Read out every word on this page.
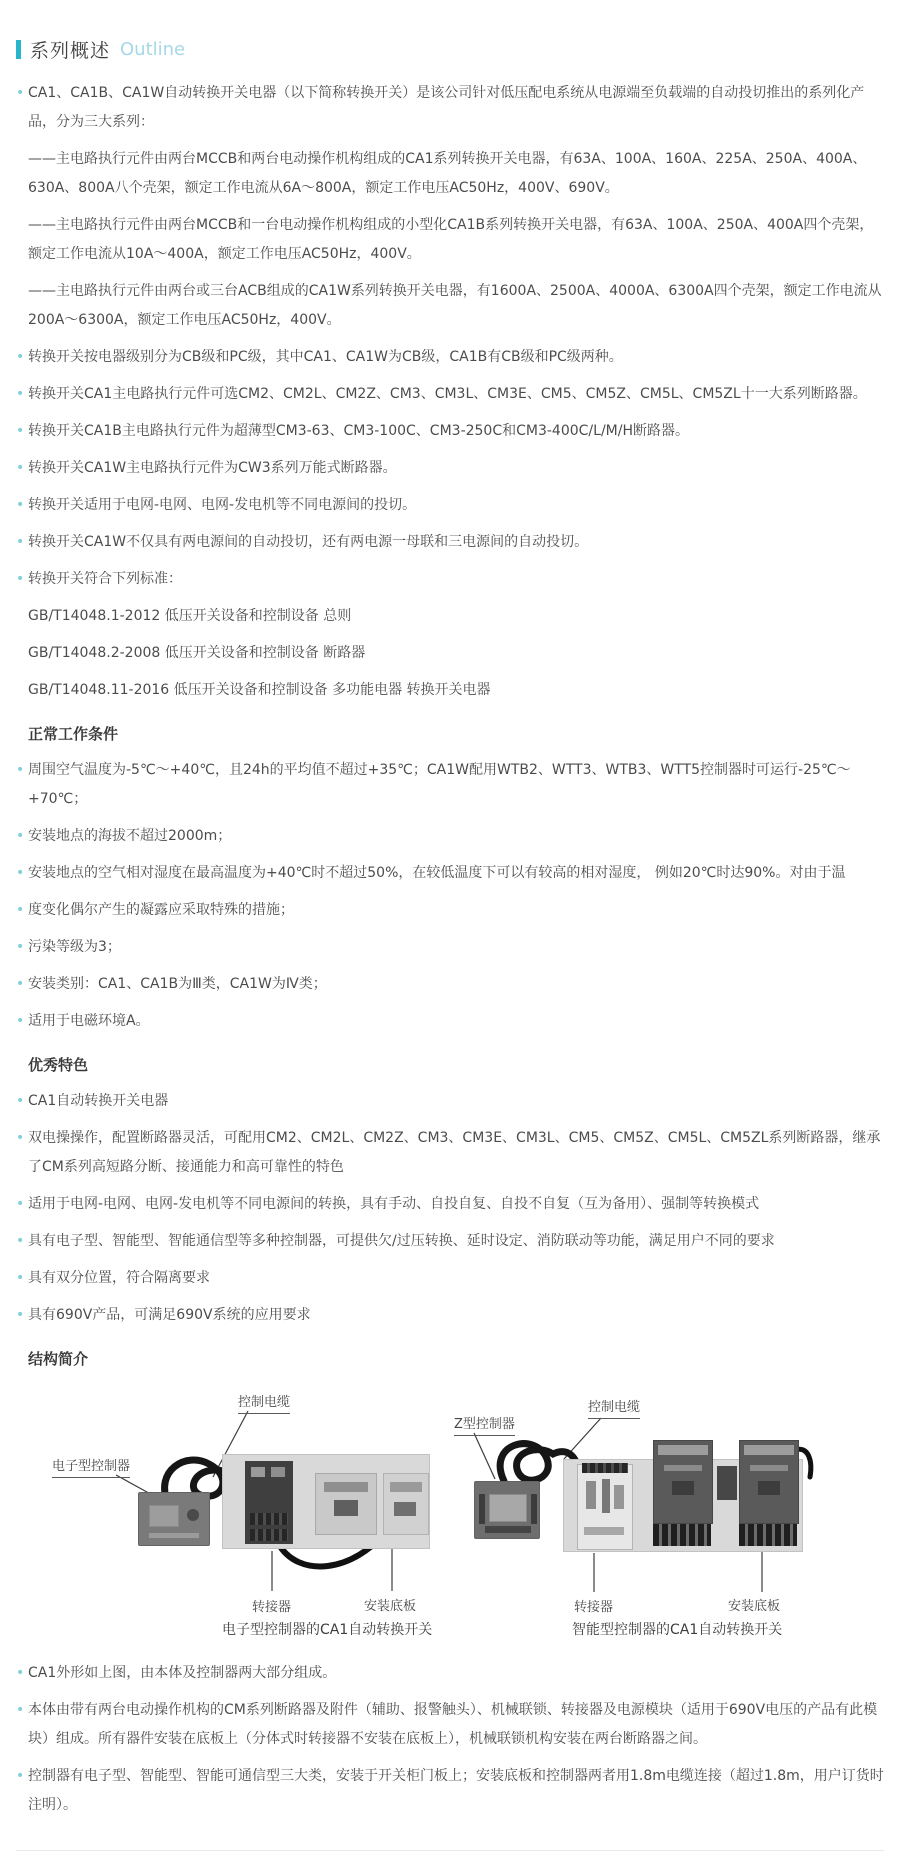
系列概述 Outline

• CA1、CA1B、CA1W自动转换开关电器（以下简称转换开关）是该公司针对低压配电系统从电源端至负载端的自动投切推出的系列化产品，分为三大系列：

——主电路执行元件由两台MCCB和两台电动操作机构组成的CA1系列转换开关电器，有63A、100A、160A、225A、250A、400A、630A、800A八个壳架，额定工作电流从6A～800A，额定工作电压AC50Hz，400V、690V。

——主电路执行元件由两台MCCB和一台电动操作机构组成的小型化CA1B系列转换开关电器，有63A、100A、250A、400A四个壳架，额定工作电流从10A～400A，额定工作电压AC50Hz，400V。

——主电路执行元件由两台或三台ACB组成的CA1W系列转换开关电器，有1600A、2500A、4000A、6300A四个壳架，额定工作电流从200A～6300A，额定工作电压AC50Hz，400V。

• 转换开关按电器级别分为CB级和PC级，其中CA1、CA1W为CB级，CA1B有CB级和PC级两种。

• 转换开关CA1主电路执行元件可选CM2、CM2L、CM2Z、CM3、CM3L、CM3E、CM5、CM5Z、CM5L、CM5ZL十一大系列断路器。

• 转换开关CA1B主电路执行元件为超薄型CM3-63、CM3-100C、CM3-250C和CM3-400C/L/M/H断路器。

• 转换开关CA1W主电路执行元件为CW3系列万能式断路器。

• 转换开关适用于电网-电网、电网-发电机等不同电源间的投切。

• 转换开关CA1W不仅具有两电源间的自动投切，还有两电源一母联和三电源间的自动投切。

• 转换开关符合下列标准：

GB/T14048.1-2012 低压开关设备和控制设备 总则

GB/T14048.2-2008 低压开关设备和控制设备 断路器

GB/T14048.11-2016 低压开关设备和控制设备 多功能电器 转换开关电器

正常工作条件

• 周围空气温度为-5℃～+40℃，且24h的平均值不超过+35℃；CA1W配用WTB2、WTT3、WTB3、WTT5控制器时可运行-25℃～+70℃；

• 安装地点的海拔不超过2000m；

• 安装地点的空气相对湿度在最高温度为+40℃时不超过50%，在较低温度下可以有较高的相对湿度， 例如20℃时达90%。对由于温

• 度变化偶尔产生的凝露应采取特殊的措施；

• 污染等级为3；

• 安装类别：CA1、CA1B为Ⅲ类，CA1W为Ⅳ类；

• 适用于电磁环境A。

优秀特色

• CA1自动转换开关电器

• 双电操操作，配置断路器灵活，可配用CM2、CM2L、CM2Z、CM3、CM3E、CM3L、CM5、CM5Z、CM5L、CM5ZL系列断路器，继承了CM系列高短路分断、接通能力和高可靠性的特色

• 适用于电网-电网、电网-发电机等不同电源间的转换，具有手动、自投自复、自投不自复（互为备用）、强制等转换模式

• 具有电子型、智能型、智能通信型等多种控制器，可提供欠/过压转换、延时设定、消防联动等功能，满足用户不同的要求

• 具有双分位置，符合隔离要求

• 具有690V产品，可满足690V系统的应用要求

结构简介
控制电缆
电子型控制器
转接器	安装底板
电子型控制器的CA1自动转换开关
Z型控制器
控制电缆
转接器	安装底板
智能型控制器的CA1自动转换开关

• CA1外形如上图，由本体及控制器两大部分组成。

• 本体由带有两台电动操作机构的CM系列断路器及附件（辅助、报警触头）、机械联锁、转接器及电源模块（适用于690V电压的产品有此模块）组成。所有器件安装在底板上（分体式时转接器不安装在底板上），机械联锁机构安装在两台断路器之间。

• 控制器有电子型、智能型、智能可通信型三大类，安装于开关柜门板上；安装底板和控制器两者用1.8m电缆连接（超过1.8m，用户订货时注明）。
